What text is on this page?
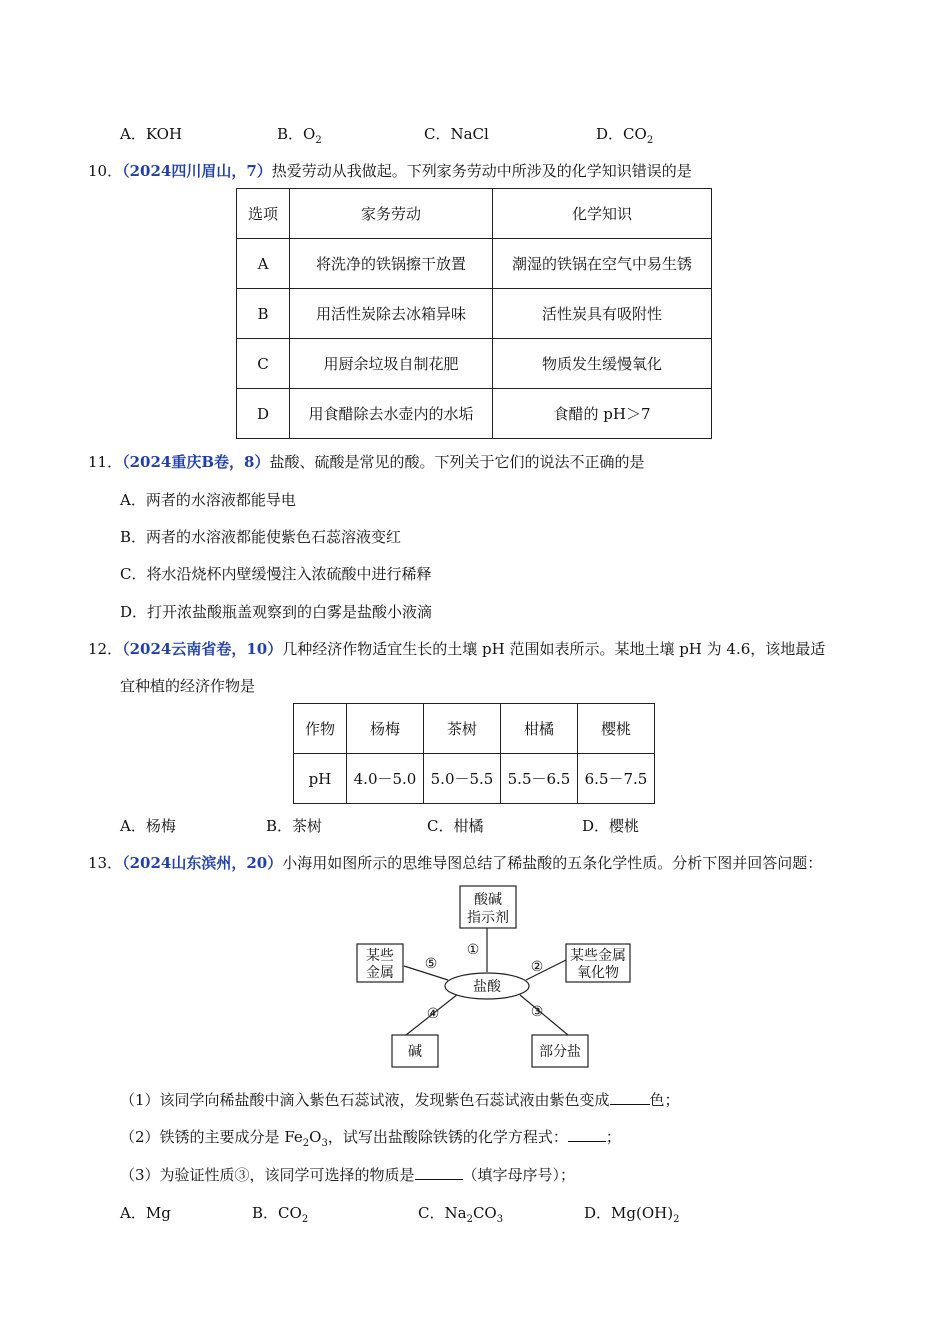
A．KOH	B．$O_2$	C．NaCl	D．$CO_2$
10．（2024四川眉山，7）热爱劳动从我做起。下列家务劳动中所涉及的化学知识错误的是
选项	家务劳动	化学知识
A	将洗净的铁锅擦干放置	潮湿的铁锅在空气中易生锈
B	用活性炭除去冰箱异味	活性炭具有吸附性
C	用厨余垃圾自制花肥	物质发生缓慢氧化
D	用食醋除去水壶内的水垢	食醋的 pH＞7
11．（2024重庆B卷，8）盐酸、硫酸是常见的酸。下列关于它们的说法不正确的是
A．两者的水溶液都能导电
B．两者的水溶液都能使紫色石蕊溶液变红
C．将水沿烧杯内壁缓慢注入浓硫酸中进行稀释
D．打开浓盐酸瓶盖观察到的白雾是盐酸小液滴
12．（2024云南省卷，10）几种经济作物适宜生长的土壤 pH 范围如表所示。某地土壤 pH 为 4.6，该地最适
宜种植的经济作物是
作物	杨梅	茶树	柑橘	樱桃
pH	4.0－5.0	5.0－5.5	5.5－6.5	6.5－7.5
A．杨梅	B．茶树	C．柑橘	D．樱桃
13．（2024山东滨州，20）小海用如图所示的思维导图总结了稀盐酸的五条化学性质。分析下图并回答问题：
酸碱
指示剂
①	某些金属
氧化物
②
某些
金属
⑤
盐酸
碱
④
部分盐
③
（1）该同学向稀盐酸中滴入紫色石蕊试液，发现紫色石蕊试液由紫色变成	色；
（2）铁锈的主要成分是 $Fe_2O_3$，试写出盐酸除铁锈的化学方程式：	；
（3）为验证性质③，该同学可选择的物质是	（填字母序号）；
A．Mg	B．$CO_2$	C．$Na_2CO_3$	D．$Mg(OH)_2$
